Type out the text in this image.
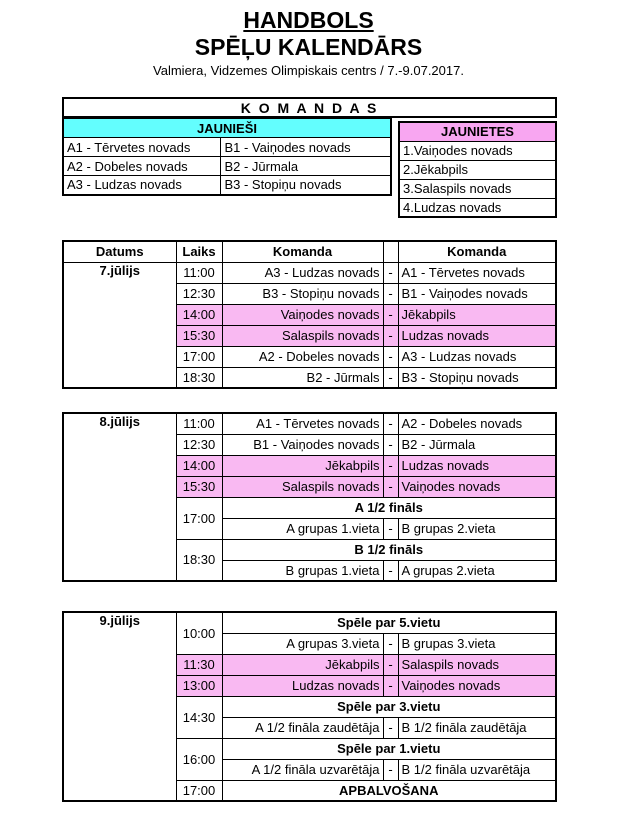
HANDBOLS
SPĒĻU KALENDĀRS
Valmiera, Vidzemes Olimpiskais centrs / 7.-9.07.2017.
K O M A N D A S
JAUNIEŠI	
A1 - Tērvetes novads	B1 - Vaiņodes novads
A2 - Dobeles novads	B2 - Jūrmala
A3 - Ludzas novads	B3 - Stopiņu novads
JAUNIETES
1.Vaiņodes novads
2.Jēkabpils
3.Salaspils novads
4.Ludzas novads
Datums	Laiks	Komanda		Komanda
7.jūlijs	11:00	A3 - Ludzas novads	-	A1 - Tērvetes novads
	12:30	B3 - Stopiņu novads	-	B1 - Vaiņodes novads
	14:00	Vaiņodes novads	-	Jēkabpils
	15:30	Salaspils novads	-	Ludzas novads
	17:00	A2 - Dobeles novads	-	A3 - Ludzas novads
	18:30	B2 - Jūrmals	-	B3 - Stopiņu novads
8.jūlijs	11:00	A1 - Tērvetes novads	-	A2 - Dobeles novads
	12:30	B1 - Vaiņodes novads	-	B2 - Jūrmala
	14:00	Jēkabpils	-	Ludzas novads
	15:30	Salaspils novads	-	Vaiņodes novads
	17:00	A 1/2 fināls		
		A grupas 1.vieta	-	B grupas 2.vieta
	18:30	B 1/2 fināls		
		B grupas 1.vieta	-	A grupas 2.vieta
9.jūlijs	10:00	Spēle par 5.vietu		
		A grupas 3.vieta	-	B grupas 3.vieta
	11:30	Jēkabpils	-	Salaspils novads
	13:00	Ludzas novads	-	Vaiņodes novads
	14:30	Spēle par 3.vietu		
		A 1/2 fināla zaudētāja	-	B 1/2 fināla zaudētāja
	16:00	Spēle par 1.vietu		
		A 1/2 fināla uzvarētāja	-	B 1/2 fināla uzvarētāja
	17:00	APBALVOŠANA		
